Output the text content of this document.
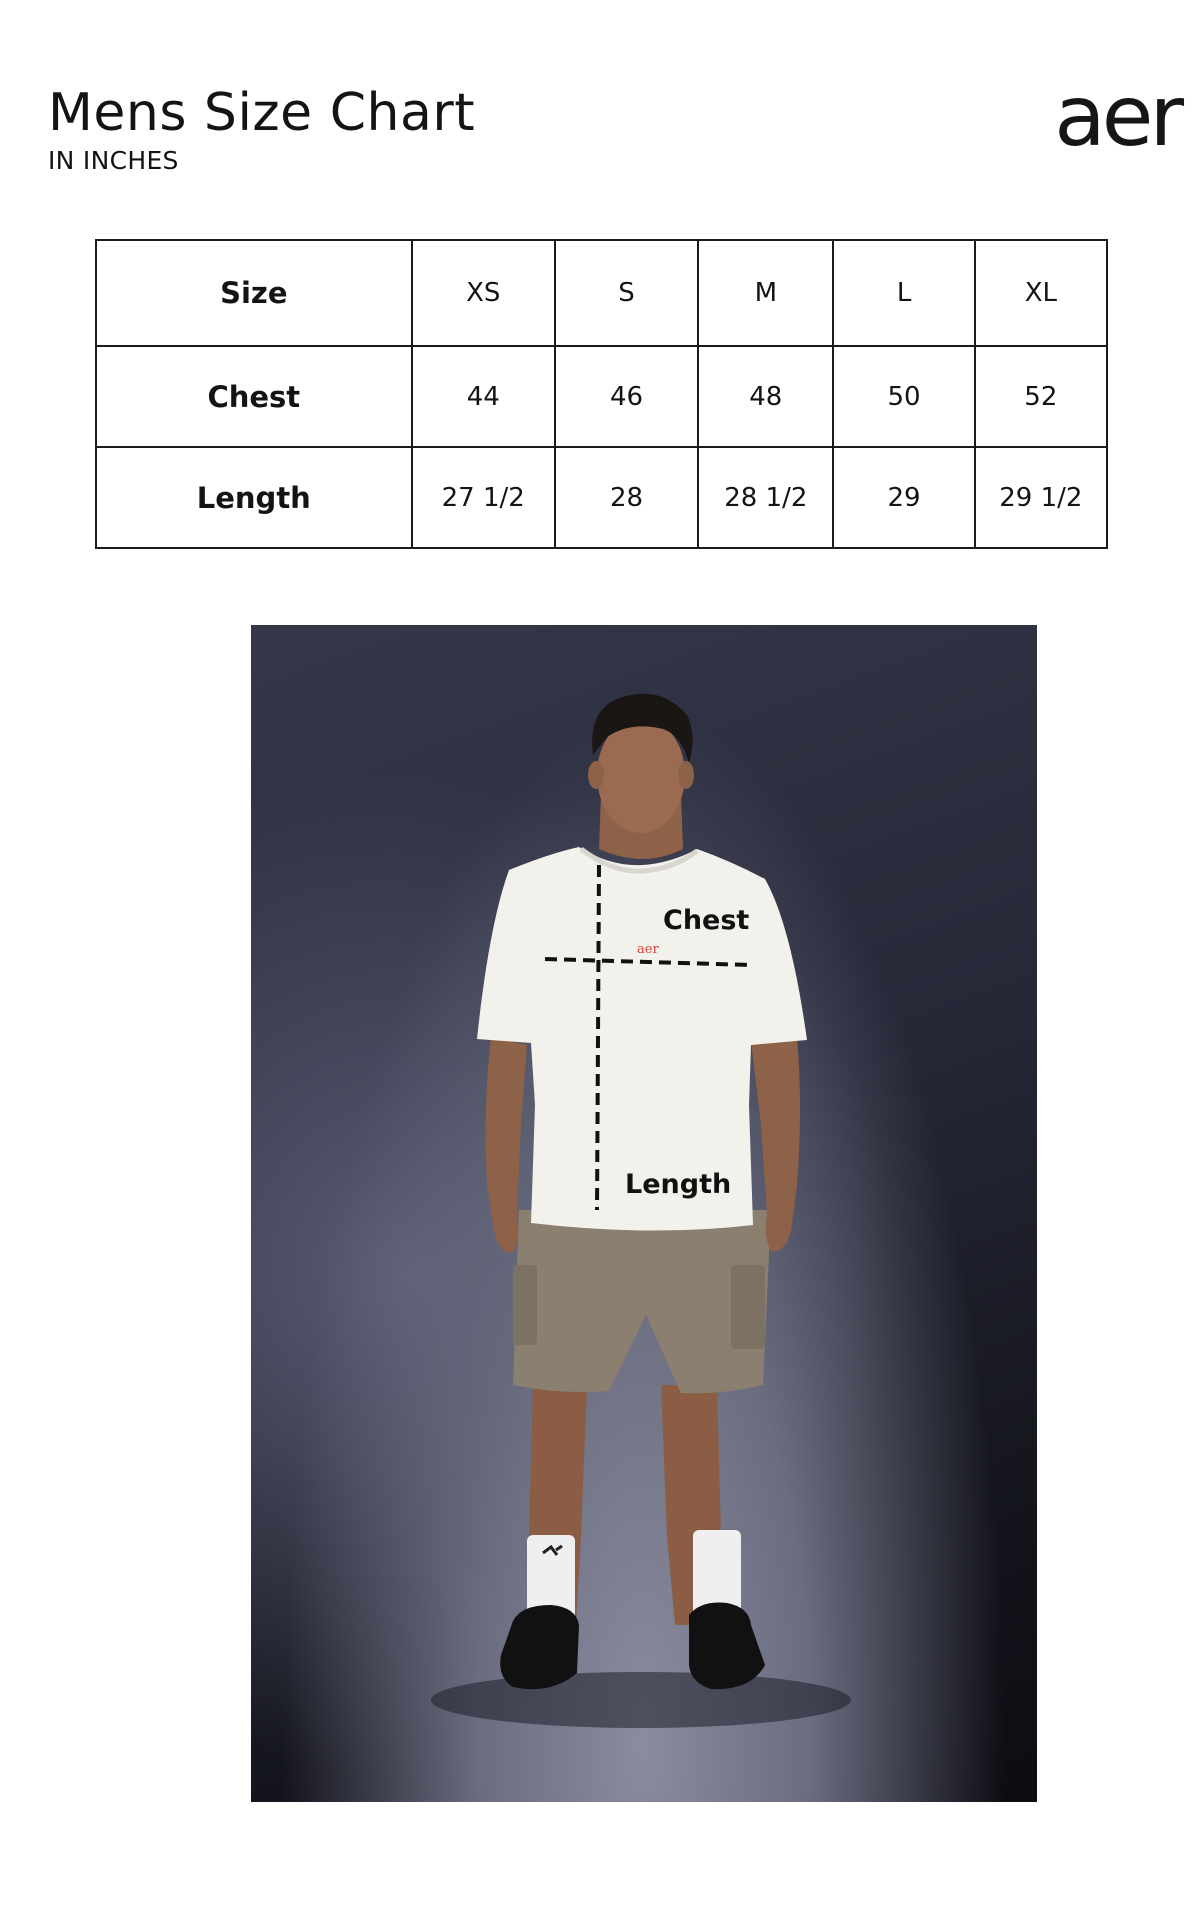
Mens Size Chart

IN INCHES	aer
Size	XS	S	M	L	XL
Chest	44	46	48	50	52
Length	27 1/2	28	28 1/2	29	29 1/2
aer
Chest
Length
